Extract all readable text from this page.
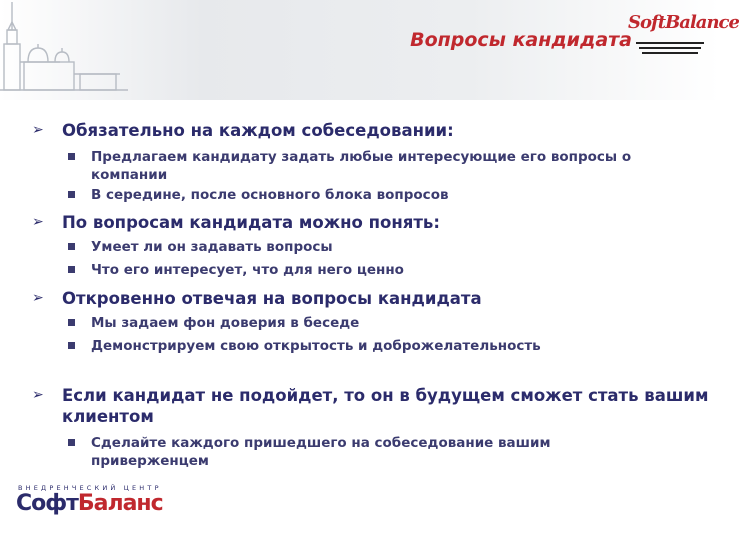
Вопросы кандидата
SoftBalance
➢	Обязательно на каждом собеседовании:
Предлагаем кандидату задать любые интересующие его вопросы о компании
В середине, после основного блока вопросов
➢	По вопросам кандидата можно понять:
Умеет ли он задавать вопросы
Что его интересует, что для него ценно
➢	Откровенно отвечая на вопросы кандидата
Мы задаем фон доверия в беседе
Демонстрируем свою открытость и доброжелательность
➢	Если кандидат не подойдет, то он в будущем сможет стать вашим клиентом
Сделайте каждого пришедшего на собеседование вашим приверженцем
ВНЕДРЕНЧЕСКИЙ ЦЕНТР
СофтБаланс
